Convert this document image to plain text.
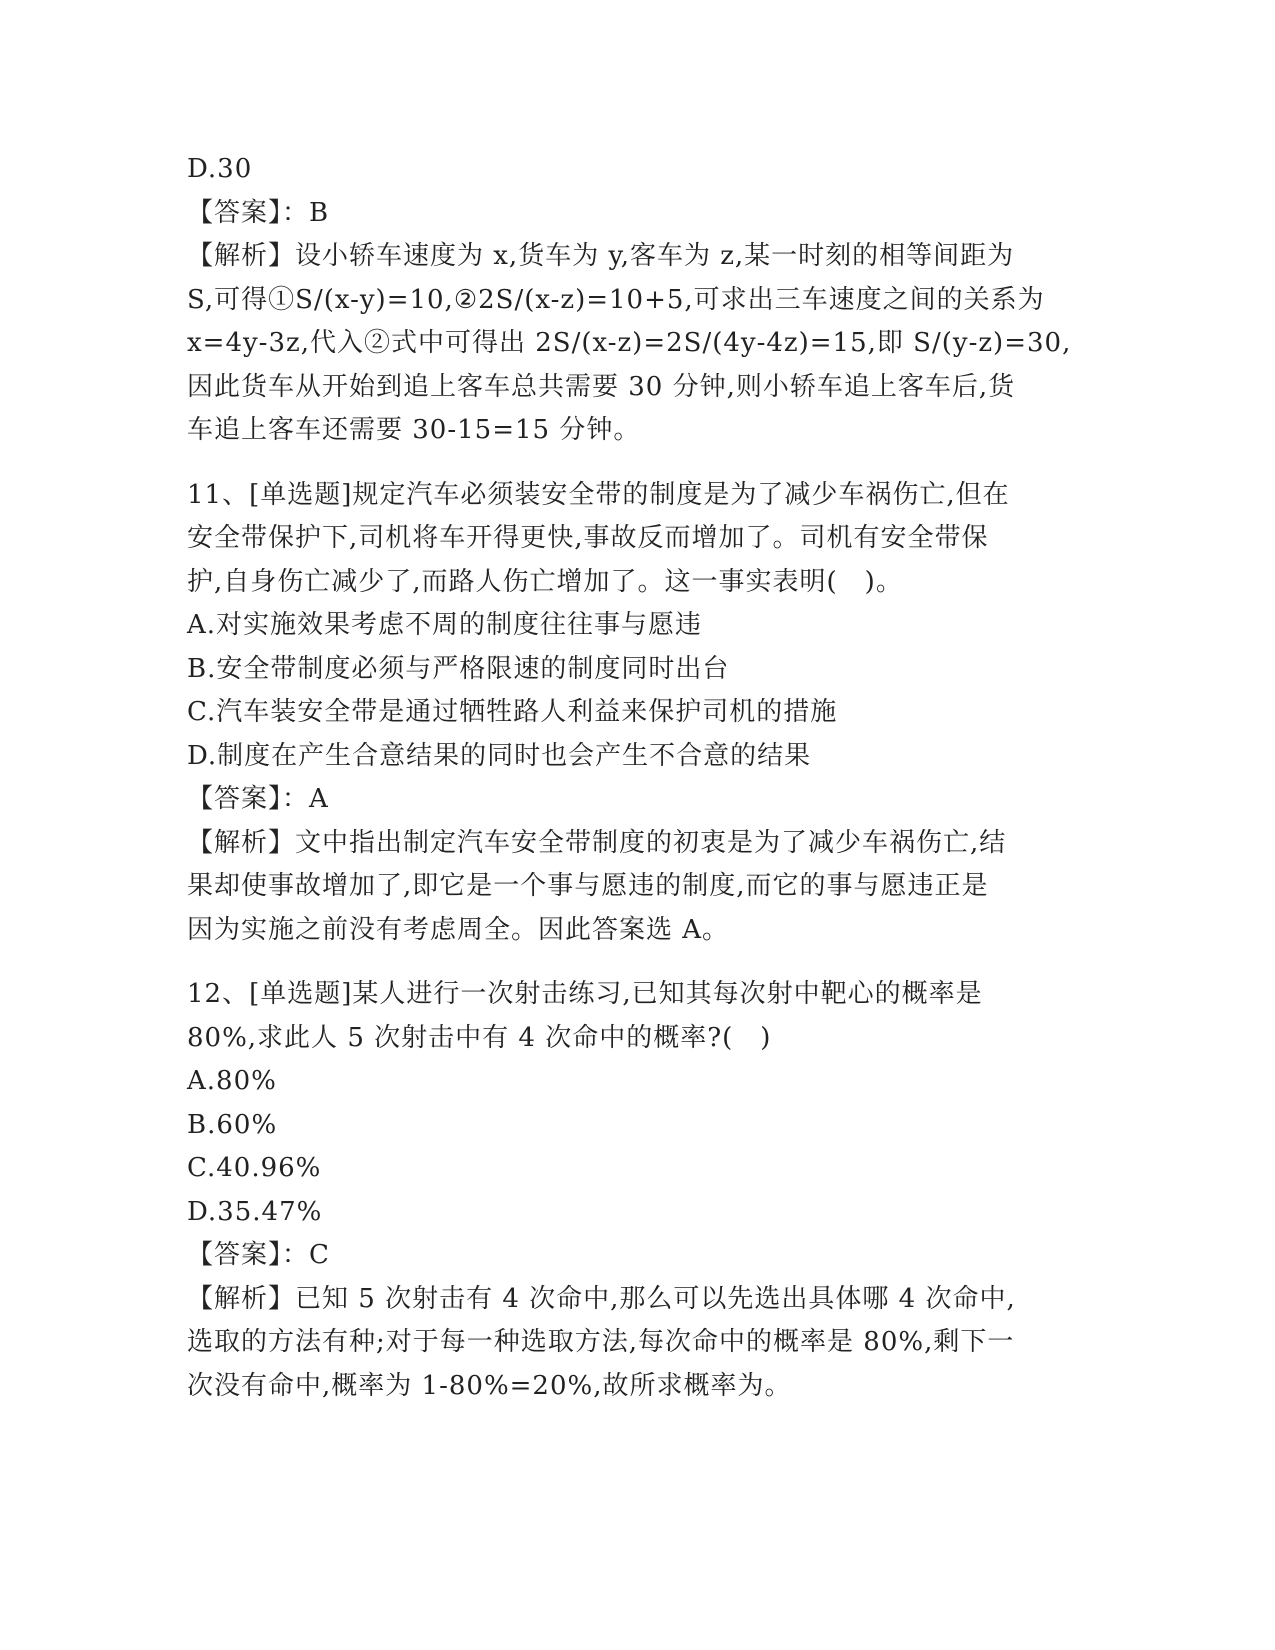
D.30
【答案】：B
【解析】设小轿车速度为 x,货车为 y,客车为 z,某一时刻的相等间距为
S,可得①S/(x-y)=10,②2S/(x-z)=10+5,可求出三车速度之间的关系为
x=4y-3z,代入②式中可得出 2S/(x-z)=2S/(4y-4z)=15,即 S/(y-z)=30,
因此货车从开始到追上客车总共需要 30 分钟,则小轿车追上客车后,货
车追上客车还需要 30-15=15 分钟。
11、[单选题]规定汽车必须装安全带的制度是为了减少车祸伤亡,但在
安全带保护下,司机将车开得更快,事故反而增加了。司机有安全带保
护,自身伤亡减少了,而路人伤亡增加了。这一事实表明(　)。
A.对实施效果考虑不周的制度往往事与愿违
B.安全带制度必须与严格限速的制度同时出台
C.汽车装安全带是通过牺牲路人利益来保护司机的措施
D.制度在产生合意结果的同时也会产生不合意的结果
【答案】：A
【解析】文中指出制定汽车安全带制度的初衷是为了减少车祸伤亡,结
果却使事故增加了,即它是一个事与愿违的制度,而它的事与愿违正是
因为实施之前没有考虑周全。因此答案选 A。
12、[单选题]某人进行一次射击练习,已知其每次射中靶心的概率是
80%,求此人 5 次射击中有 4 次命中的概率?(　)
A.80%
B.60%
C.40.96%
D.35.47%
【答案】：C
【解析】已知 5 次射击有 4 次命中,那么可以先选出具体哪 4 次命中,
选取的方法有种;对于每一种选取方法,每次命中的概率是 80%,剩下一
次没有命中,概率为 1-80%=20%,故所求概率为。
